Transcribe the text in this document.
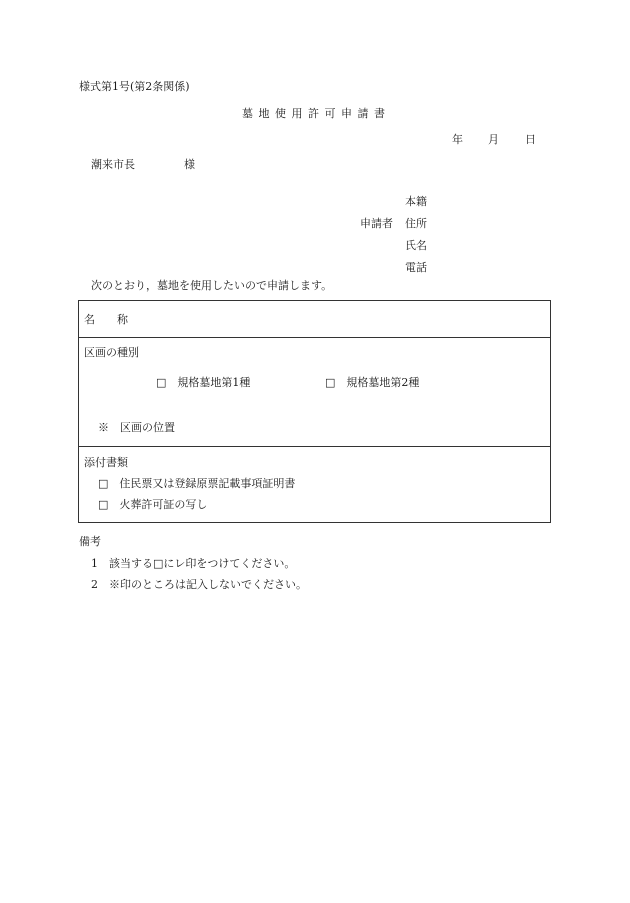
様式第1号(第2条関係)
墓 地 使 用 許 可 申 請 書
年 月 日
潮来市長	様
本籍
申請者 住所
氏名
電話
次のとおり，墓地を使用したいので申請します。
名　　称
区画の種別
□　規格墓地第1種	□　規格墓地第2種
※　区画の位置
添付書類
□　住民票又は登録原票記載事項証明書
□　火葬許可証の写し
備考
1　該当する□にレ印をつけてください。
2　※印のところは記入しないでください。
